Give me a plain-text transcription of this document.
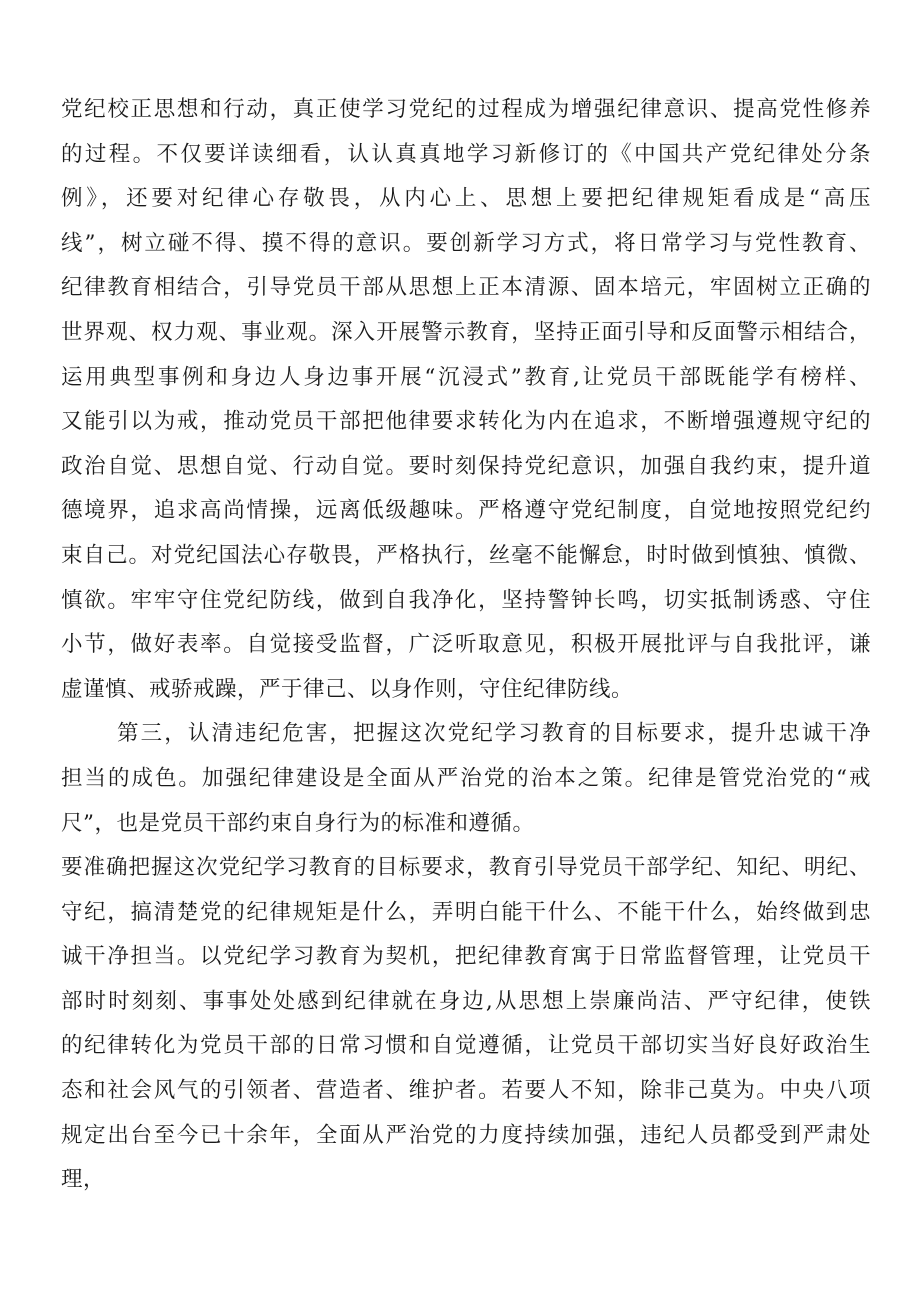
党纪校正思想和行动，真正使学习党纪的过程成为增强纪律意识、提高党性修养
的过程。不仅要详读细看，认认真真地学习新修订的《中国共产党纪律处分条
例》，还要对纪律心存敬畏，从内心上、思想上要把纪律规矩看成是“高压
线”，树立碰不得、摸不得的意识。要创新学习方式，将日常学习与党性教育、
纪律教育相结合，引导党员干部从思想上正本清源、固本培元，牢固树立正确的
世界观、权力观、事业观。深入开展警示教育，坚持正面引导和反面警示相结合，
运用典型事例和身边人身边事开展“沉浸式”教育,让党员干部既能学有榜样、
又能引以为戒，推动党员干部把他律要求转化为内在追求，不断增强遵规守纪的
政治自觉、思想自觉、行动自觉。要时刻保持党纪意识，加强自我约束，提升道
德境界，追求高尚情操，远离低级趣味。严格遵守党纪制度，自觉地按照党纪约
束自己。对党纪国法心存敬畏，严格执行，丝毫不能懈怠，时时做到慎独、慎微、
慎欲。牢牢守住党纪防线，做到自我净化，坚持警钟长鸣，切实抵制诱惑、守住
小节，做好表率。自觉接受监督，广泛听取意见，积极开展批评与自我批评，谦
虚谨慎、戒骄戒躁，严于律己、以身作则，守住纪律防线。
第三，认清违纪危害，把握这次党纪学习教育的目标要求，提升忠诚干净
担当的成色。加强纪律建设是全面从严治党的治本之策。纪律是管党治党的“戒
尺”，也是党员干部约束自身行为的标准和遵循。
要准确把握这次党纪学习教育的目标要求，教育引导党员干部学纪、知纪、明纪、
守纪，搞清楚党的纪律规矩是什么，弄明白能干什么、不能干什么，始终做到忠
诚干净担当。以党纪学习教育为契机，把纪律教育寓于日常监督管理，让党员干
部时时刻刻、事事处处感到纪律就在身边,从思想上崇廉尚洁、严守纪律，使铁
的纪律转化为党员干部的日常习惯和自觉遵循，让党员干部切实当好良好政治生
态和社会风气的引领者、营造者、维护者。若要人不知，除非己莫为。中央八项
规定出台至今已十余年，全面从严治党的力度持续加强，违纪人员都受到严肃处
理，
